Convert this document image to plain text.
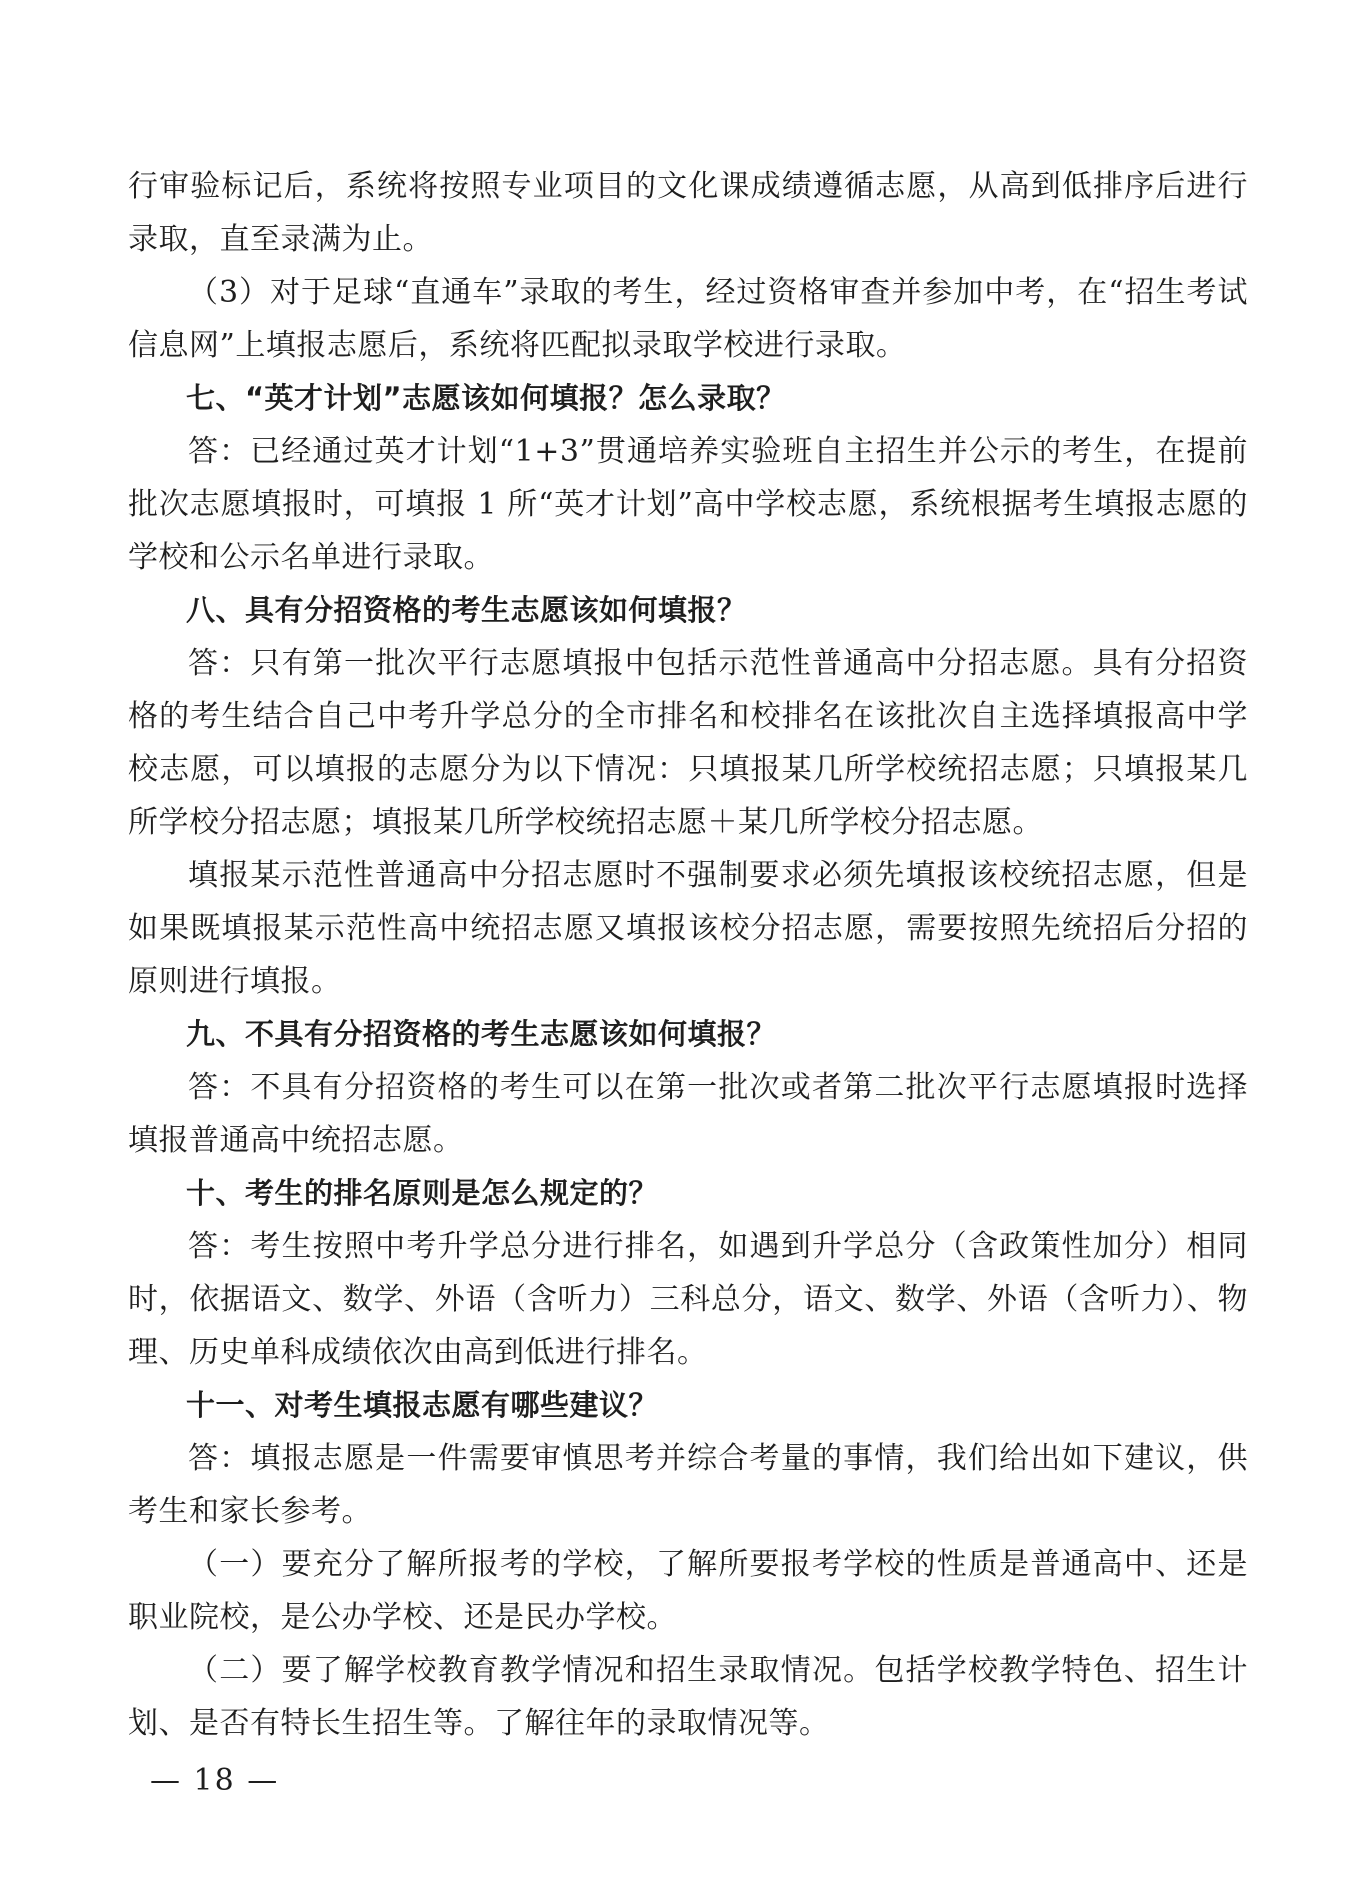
行审验标记后，系统将按照专业项目的文化课成绩遵循志愿，从高到低排序后进行录取，直至录满为止。

（3）对于足球“直通车”录取的考生，经过资格审查并参加中考，在“招生考试信息网”上填报志愿后，系统将匹配拟录取学校进行录取。

七、“英才计划”志愿该如何填报？怎么录取？

答：已经通过英才计划“1+3”贯通培养实验班自主招生并公示的考生，在提前批次志愿填报时，可填报 1 所“英才计划”高中学校志愿，系统根据考生填报志愿的学校和公示名单进行录取。

八、具有分招资格的考生志愿该如何填报？

答：只有第一批次平行志愿填报中包括示范性普通高中分招志愿。具有分招资格的考生结合自己中考升学总分的全市排名和校排名在该批次自主选择填报高中学校志愿，可以填报的志愿分为以下情况：只填报某几所学校统招志愿；只填报某几所学校分招志愿；填报某几所学校统招志愿＋某几所学校分招志愿。

填报某示范性普通高中分招志愿时不强制要求必须先填报该校统招志愿，但是如果既填报某示范性高中统招志愿又填报该校分招志愿，需要按照先统招后分招的原则进行填报。

九、不具有分招资格的考生志愿该如何填报？

答：不具有分招资格的考生可以在第一批次或者第二批次平行志愿填报时选择填报普通高中统招志愿。

十、考生的排名原则是怎么规定的？

答：考生按照中考升学总分进行排名，如遇到升学总分（含政策性加分）相同时，依据语文、数学、外语（含听力）三科总分，语文、数学、外语（含听力）、物理、历史单科成绩依次由高到低进行排名。

十一、对考生填报志愿有哪些建议？

答：填报志愿是一件需要审慎思考并综合考量的事情，我们给出如下建议，供考生和家长参考。

（一）要充分了解所报考的学校，了解所要报考学校的性质是普通高中、还是职业院校，是公办学校、还是民办学校。

（二）要了解学校教育教学情况和招生录取情况。包括学校教学特色、招生计划、是否有特长生招生等。了解往年的录取情况等。

— 18 —
